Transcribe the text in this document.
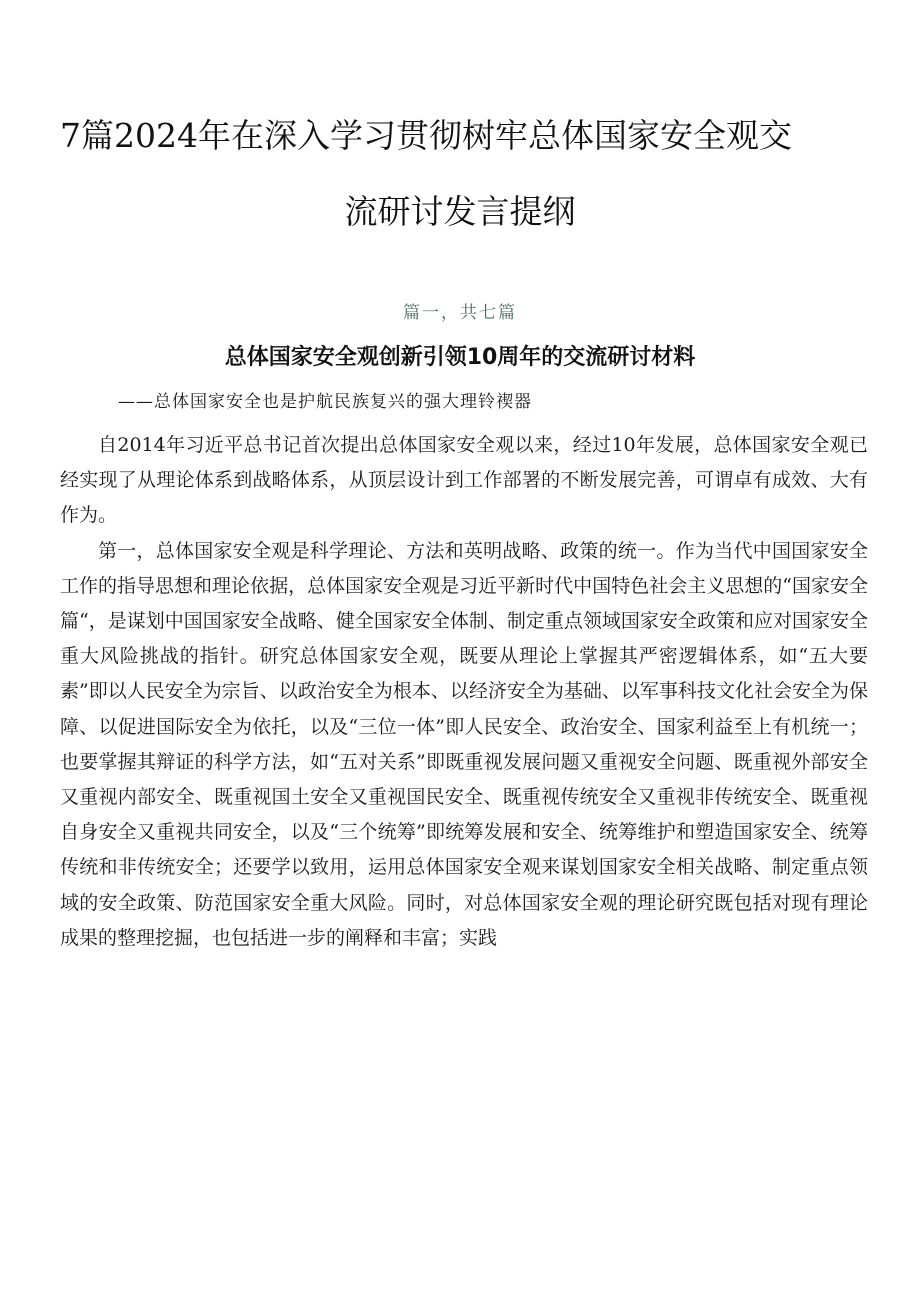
7篇2024年在深入学习贯彻树牢总体国家安全观交
流研讨发言提纲
篇一，共七篇
总体国家安全观创新引领10周年的交流研讨材料
——总体国家安全也是护航民族复兴的强大理铃禊器

自2014年习近平总书记首次提出总体国家安全观以来，经过10年发展，总体国家安全观已经实现了从理论体系到战略体系，从顶层设计到工作部署的不断发展完善，可谓卓有成效、大有作为。

第一，总体国家安全观是科学理论、方法和英明战略、政策的统一。作为当代中国国家安全工作的指导思想和理论依据，总体国家安全观是习近平新时代中国特色社会主义思想的“国家安全篇“，是谋划中国国家安全战略、健全国家安全体制、制定重点领域国家安全政策和应对国家安全重大风险挑战的指针。研究总体国家安全观，既要从理论上掌握其严密逻辑体系，如“五大要素”即以人民安全为宗旨、以政治安全为根本、以经济安全为基础、以军事科技文化社会安全为保障、以促进国际安全为依托，以及“三位一体”即人民安全、政治安全、国家利益至上有机统一；也要掌握其辩证的科学方法，如“五对关系”即既重视发展问题又重视安全问题、既重视外部安全又重视内部安全、既重视国土安全又重视国民安全、既重视传统安全又重视非传统安全、既重视自身安全又重视共同安全，以及“三个统筹”即统筹发展和安全、统筹维护和塑造国家安全、统筹传统和非传统安全；还要学以致用，运用总体国家安全观来谋划国家安全相关战略、制定重点领域的安全政策、防范国家安全重大风险。同时，对总体国家安全观的理论研究既包括对现有理论成果的整理挖掘，也包括进一步的阐释和丰富；实践
